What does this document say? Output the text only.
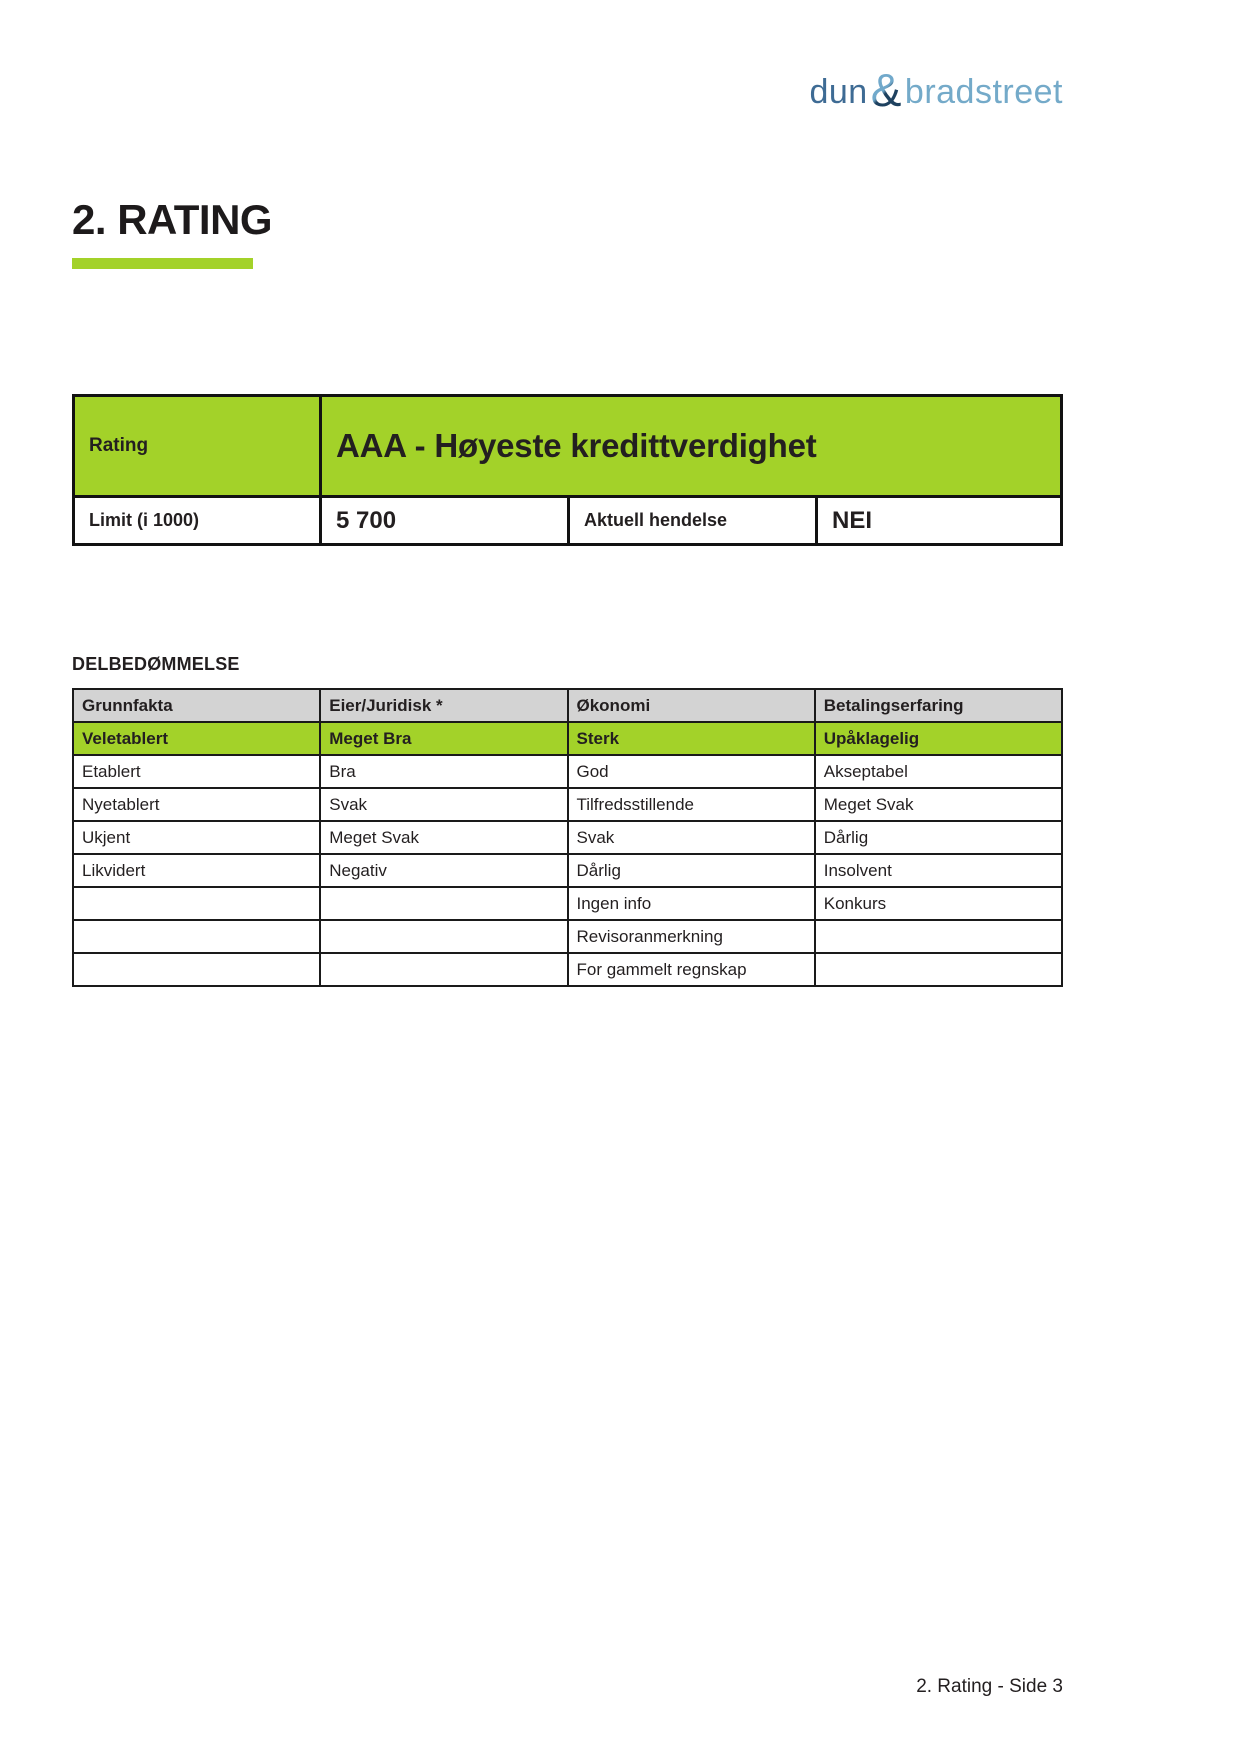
dun & bradstreet
2. RATING
Rating	AAA - Høyeste kredittverdighet
Limit (i 1000)	5 700	Aktuell hendelse	NEI
DELBEDØMMELSE
Grunnfakta	Eier/Juridisk *	Økonomi	Betalingserfaring
Veletablert	Meget Bra	Sterk	Upåklagelig
Etablert	Bra	God	Akseptabel
Nyetablert	Svak	Tilfredsstillende	Meget Svak
Ukjent	Meget Svak	Svak	Dårlig
Likvidert	Negativ	Dårlig	Insolvent
		Ingen info	Konkurs
		Revisoranmerkning	
		For gammelt regnskap	
2. Rating - Side 3
